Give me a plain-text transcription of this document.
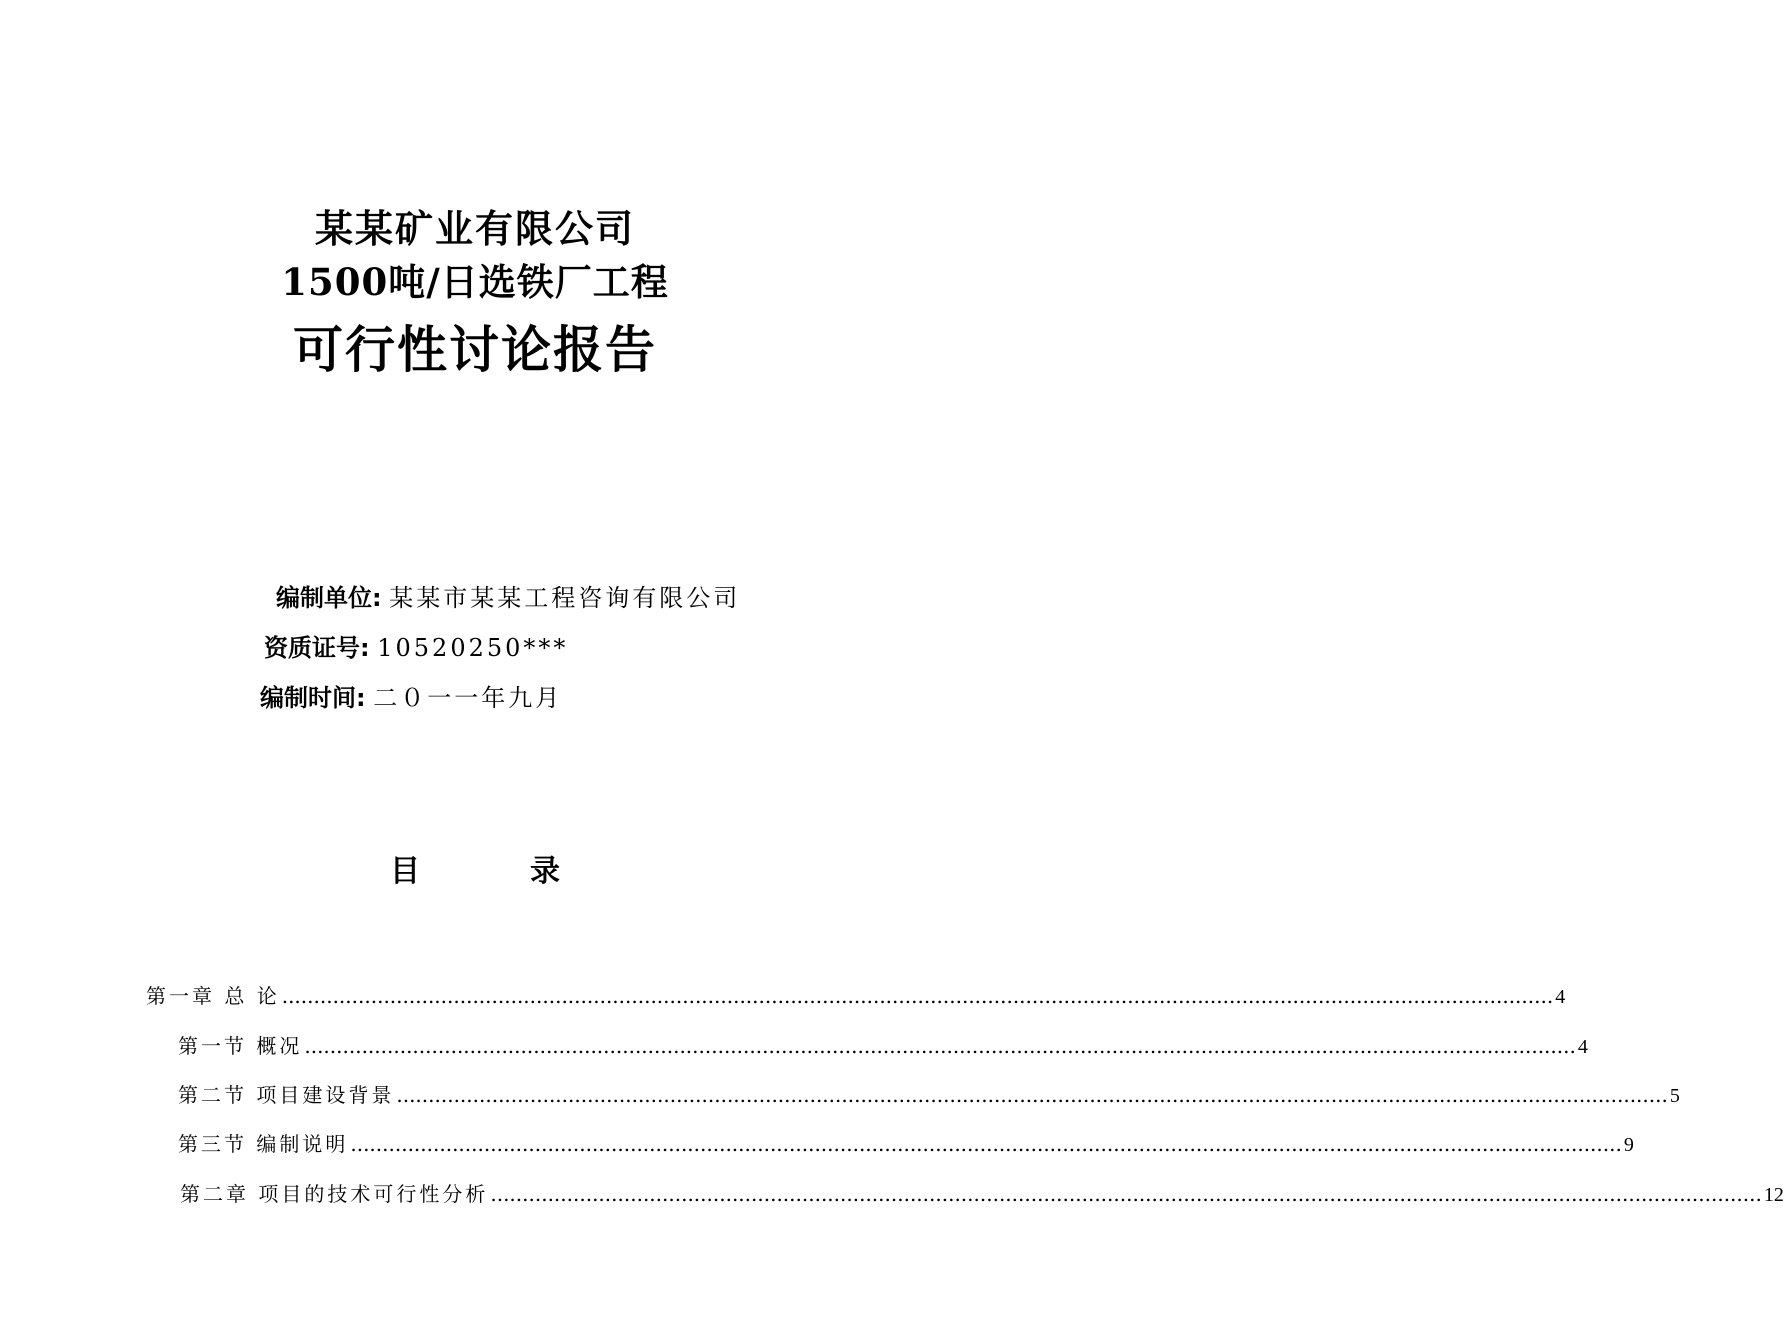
某某矿业有限公司
1500吨/日选铁厂工程
可行性讨论报告
编制单位: 某某市某某工程咨询有限公司
资质证号: 10520250***
编制时间: 二０一一年九月
目	录
第一章 总 论 ........................................................................................................................................................................................................ 4
第一节 概况 ........................................................................................................................................................................................................ 4
第二节 项目建设背景 ........................................................................................................................................................................................................ 5
第三节 编制说明 ........................................................................................................................................................................................................ 9
第二章 项目的技术可行性分析 ........................................................................................................................................................................................................ 12
